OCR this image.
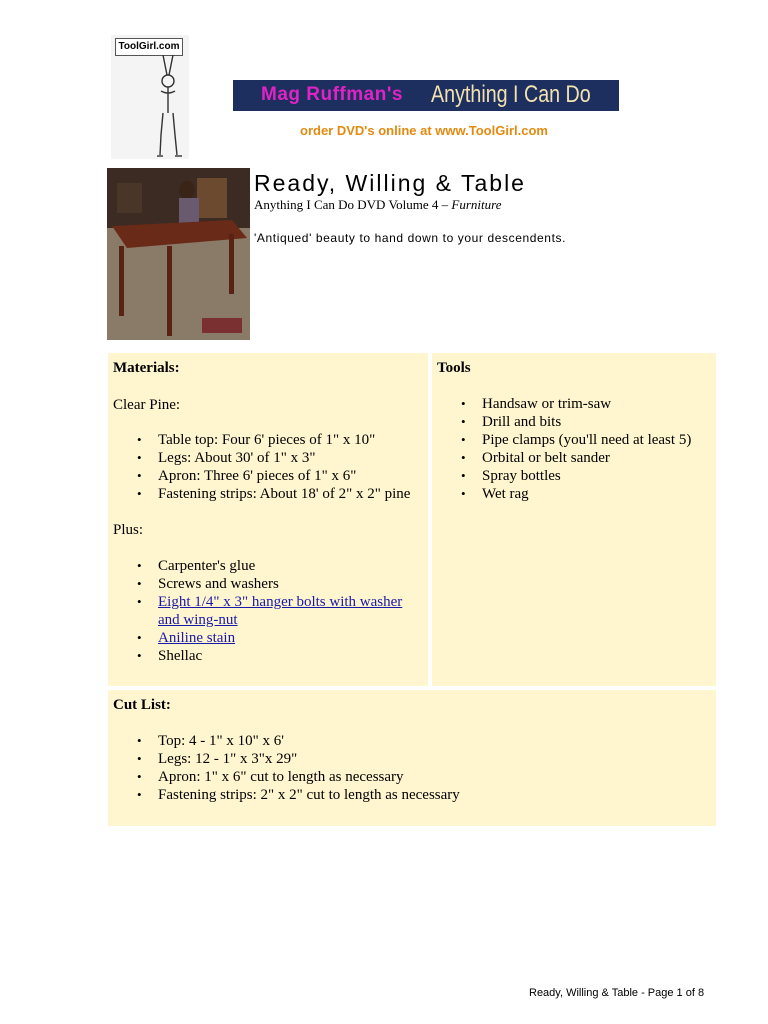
ToolGirl.com
Mag Ruffman's Anything I Can Do
order DVD's online at www.ToolGirl.com
Ready, Willing & Table
Anything I Can Do DVD Volume 4 – Furniture
'Antiqued' beauty to hand down to your descendents.
Materials:
Clear Pine:
• Table top: Four 6' pieces of 1" x 10"
• Legs: About 30' of 1" x 3"
• Apron: Three 6' pieces of 1" x 6"
• Fastening strips: About 18' of 2" x 2" pine
Plus:
• Carpenter's glue
• Screws and washers
• Eight 1/4" x 3" hanger bolts with washer and wing-nut
• Aniline stain
• Shellac
Tools
• Handsaw or trim-saw
• Drill and bits
• Pipe clamps (you'll need at least 5)
• Orbital or belt sander
• Spray bottles
• Wet rag
Cut List:
• Top: 4 - 1" x 10" x 6'
• Legs: 12 - 1" x 3"x 29"
• Apron: 1" x 6" cut to length as necessary
• Fastening strips: 2" x 2" cut to length as necessary
Ready, Willing & Table - Page 1 of 8
